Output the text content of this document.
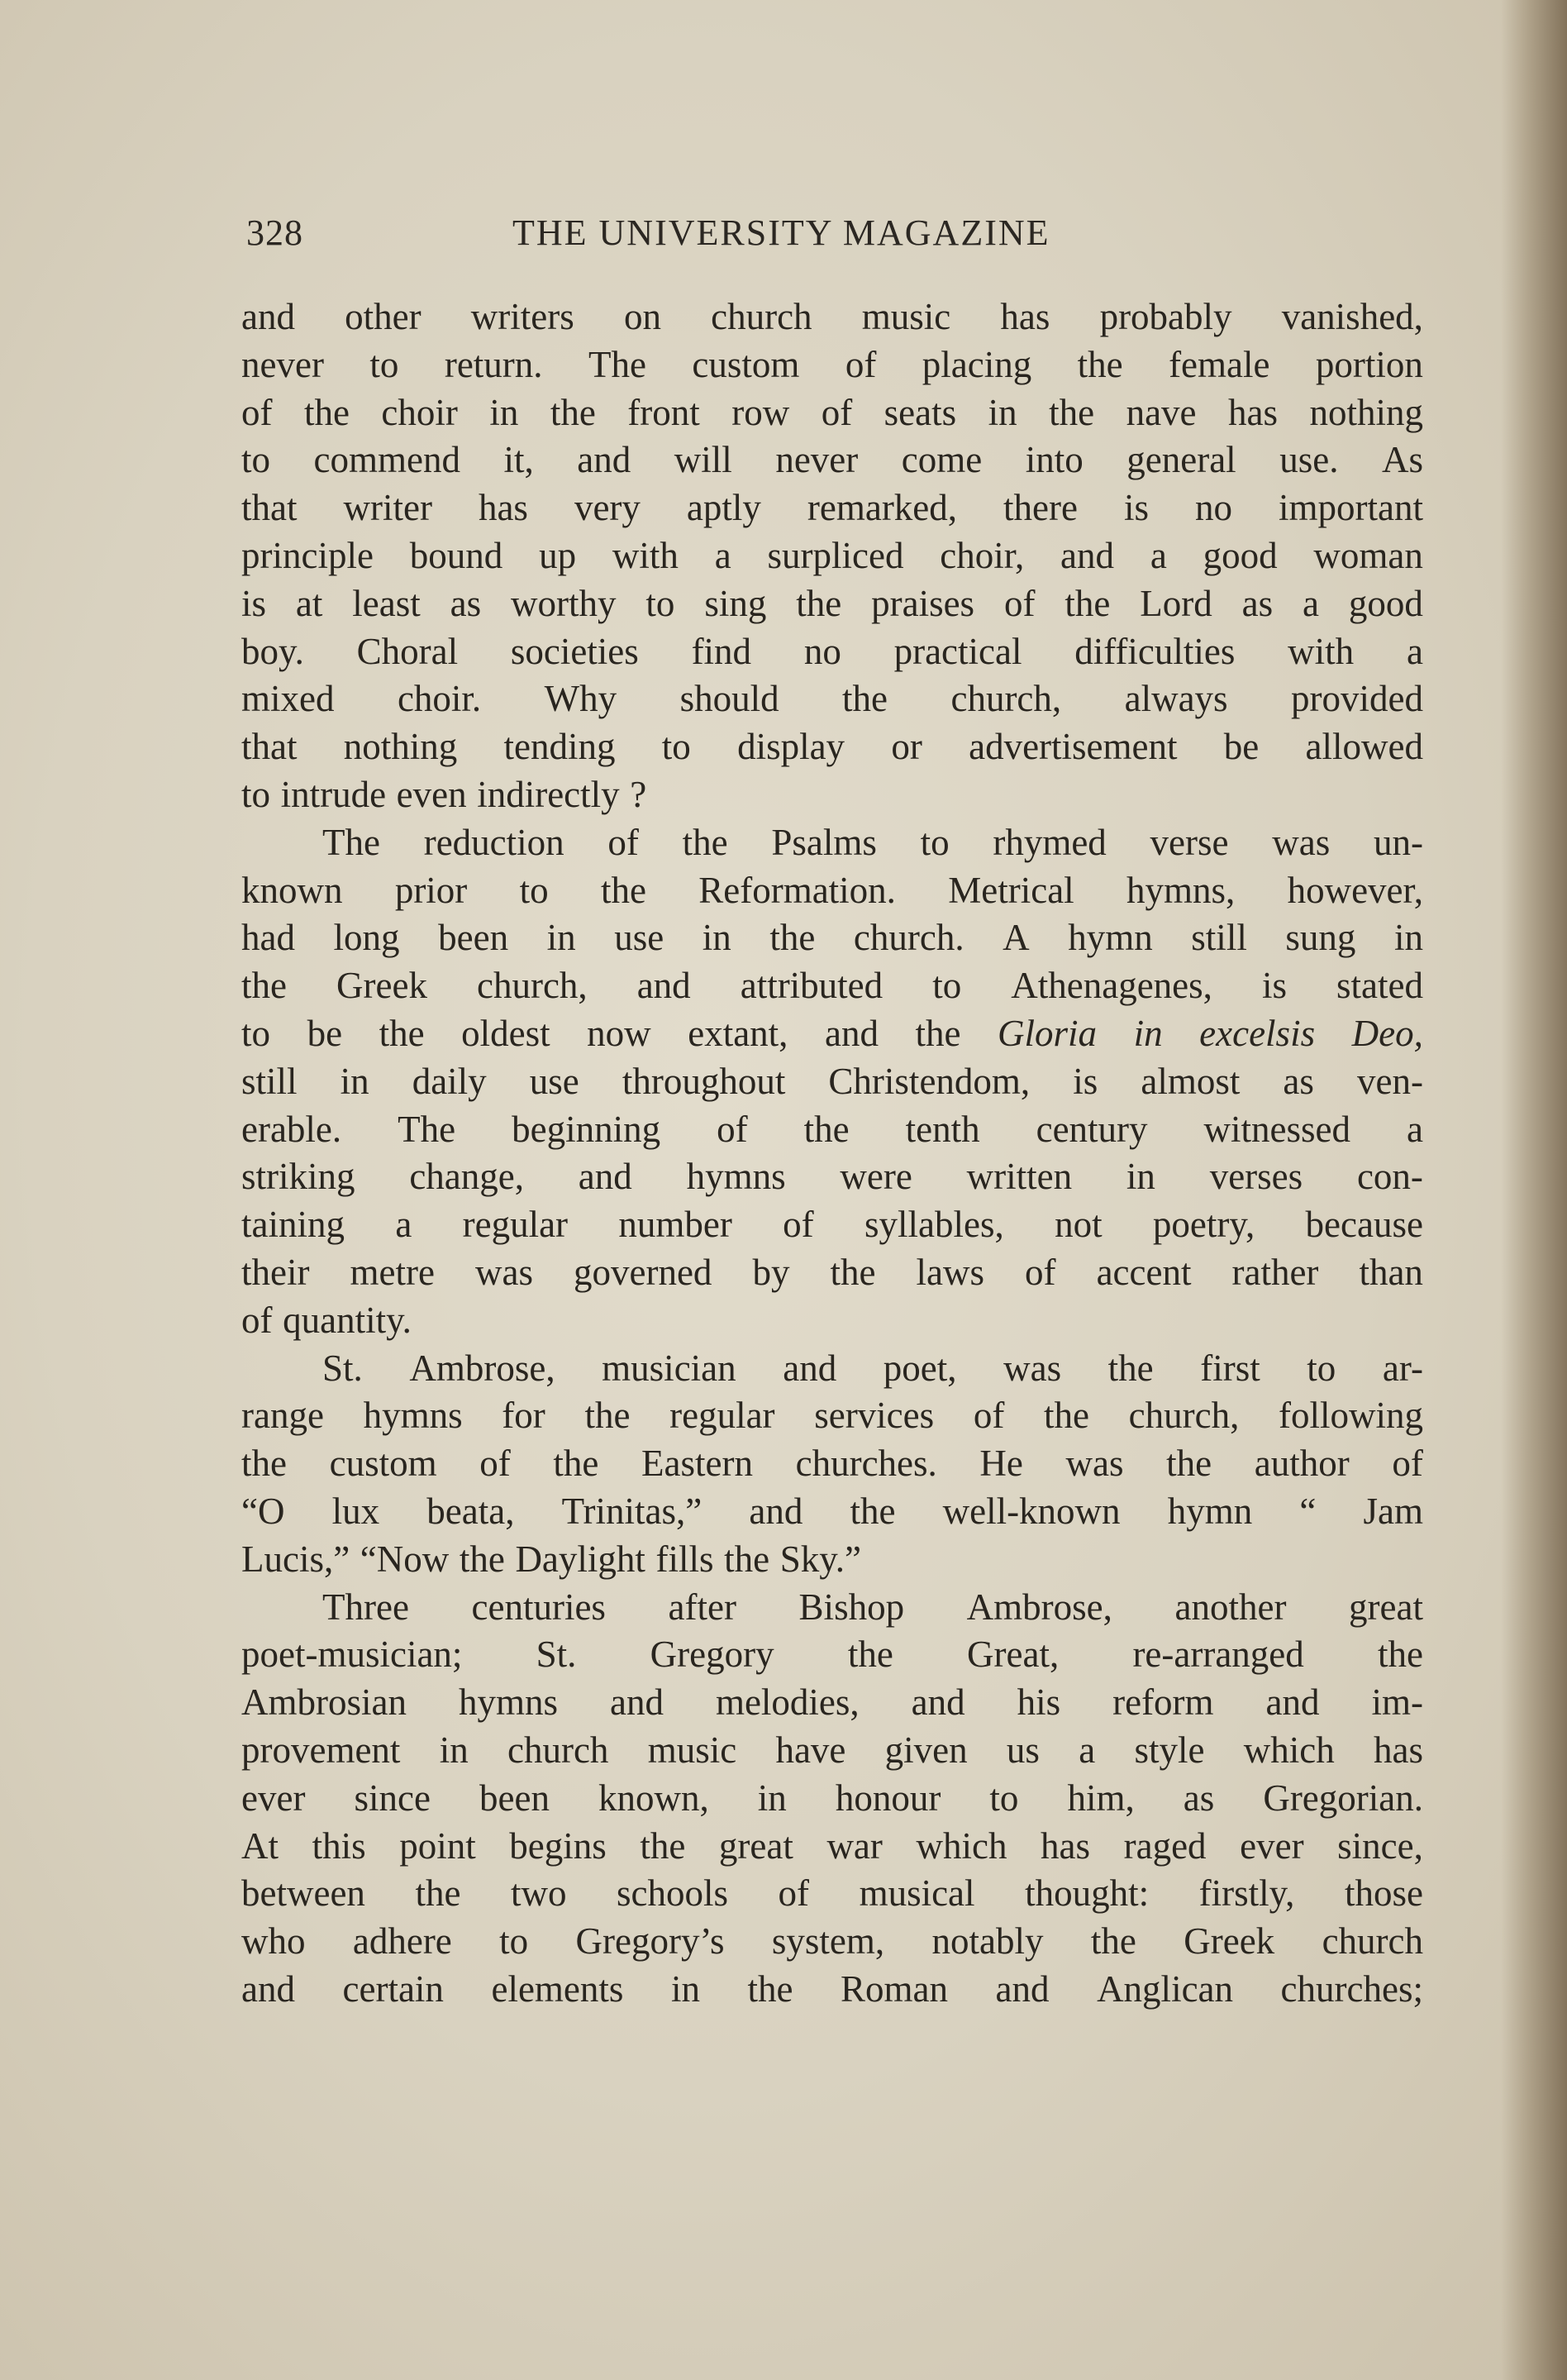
328	THE UNIVERSITY MAGAZINE
and other writers on church music has probably vanished,
never to return. The custom of placing the female portion
of the choir in the front row of seats in the nave has nothing
to commend it, and will never come into general use. As
that writer has very aptly remarked, there is no important
principle bound up with a surpliced choir, and a good woman
is at least as worthy to sing the praises of the Lord as a good
boy. Choral societies find no practical difficulties with a
mixed choir. Why should the church, always provided
that nothing tending to display or advertisement be allowed
to intrude even indirectly ?
The reduction of the Psalms to rhymed verse was un-
known prior to the Reformation. Metrical hymns, however,
had long been in use in the church. A hymn still sung in
the Greek church, and attributed to Athenagenes, is stated
to be the oldest now extant, and the Gloria in excelsis Deo,
still in daily use throughout Christendom, is almost as ven-
erable. The beginning of the tenth century witnessed a
striking change, and hymns were written in verses con-
taining a regular number of syllables, not poetry, because
their metre was governed by the laws of accent rather than
of quantity.
St. Ambrose, musician and poet, was the first to ar-
range hymns for the regular services of the church, following
the custom of the Eastern churches. He was the author of
“O lux beata, Trinitas,” and the well-known hymn “ Jam
Lucis,” “Now the Daylight fills the Sky.”
Three centuries after Bishop Ambrose, another great
poet-musician; St. Gregory the Great, re-arranged the
Ambrosian hymns and melodies, and his reform and im-
provement in church music have given us a style which has
ever since been known, in honour to him, as Gregorian.
At this point begins the great war which has raged ever since,
between the two schools of musical thought: firstly, those
who adhere to Gregory’s system, notably the Greek church
and certain elements in the Roman and Anglican churches;
